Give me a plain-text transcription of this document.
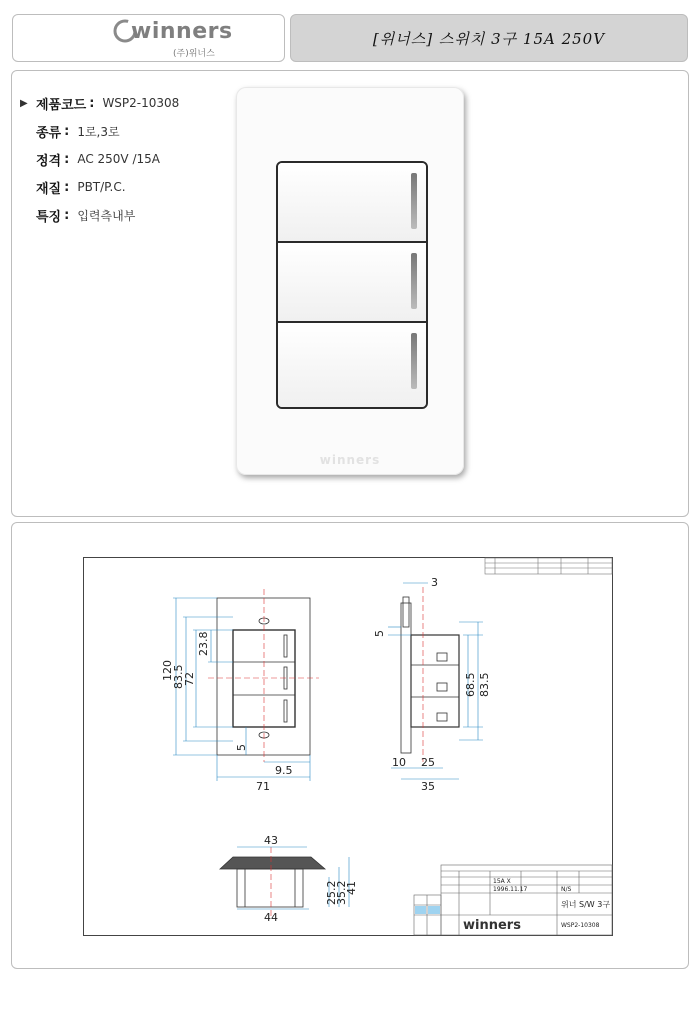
winners
(주)위너스
[위너스] 스위치 3구 15A 250V
▶ 제품코드 : WSP2-10308
종류 : 1로,3로
정격 : AC 250V /15A
재질 : PBT/P.C.
특징 : 입력측내부
winners
120
83.5
72
23.8
5
9.5
71
3
5
68.5 83.5
10 25
35
43
44
25.2
35.2
41	1996.11.17
15A X
N/S
위너 S/W 3구
WSP2-10308
winners
